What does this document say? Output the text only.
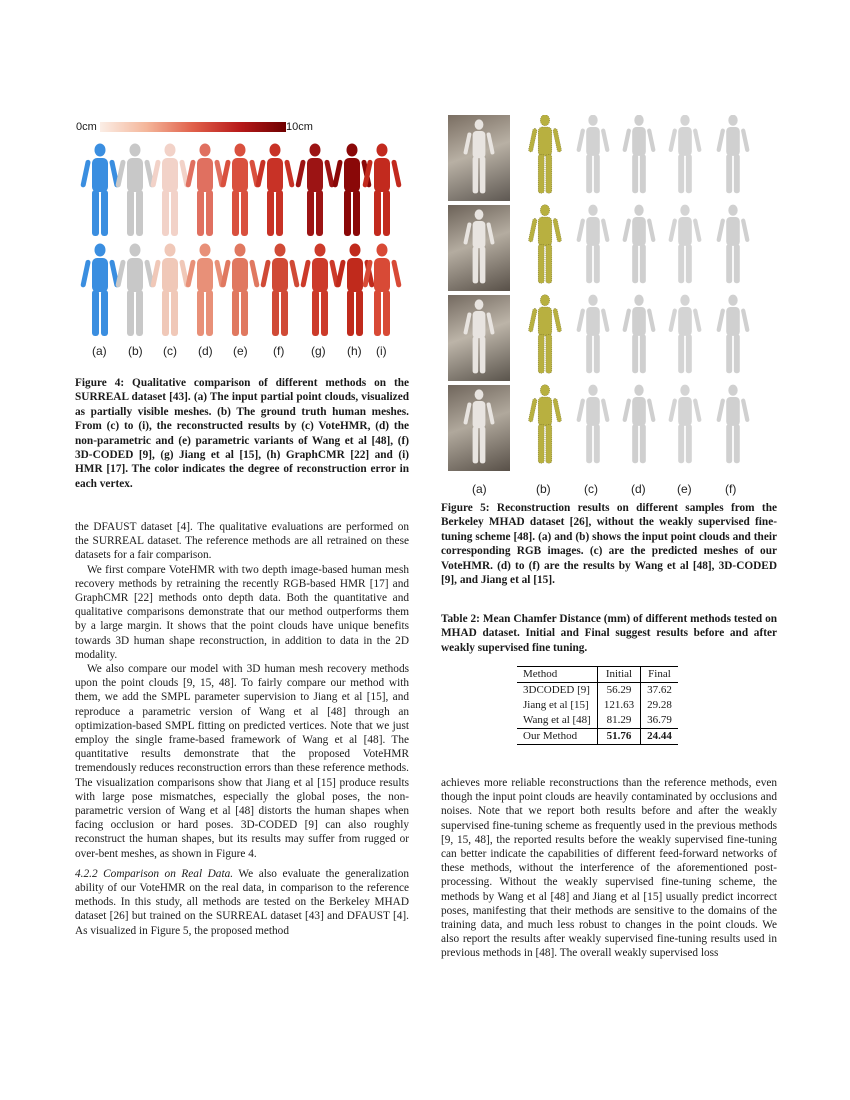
0cm	10cm
(a) (b) (c) (d) (e) (f) (g) (h) (i)
Figure 4: Qualitative comparison of different methods on the SURREAL dataset [43]. (a) The input partial point clouds, visualized as partially visible meshes. (b) The ground truth human meshes. From (c) to (i), the reconstructed results by (c) VoteHMR, (d) the non-parametric and (e) parametric variants of Wang et al [48], (f) 3D-CODED [9], (g) Jiang et al [15], (h) GraphCMR [22] and (i) HMR [17]. The color indicates the degree of reconstruction error in each vertex.

the DFAUST dataset [4]. The qualitative evaluations are performed on the SURREAL dataset. The reference methods are all retrained on these datasets for a fair comparison.

We first compare VoteHMR with two depth image-based human mesh recovery methods by retraining the recently RGB-based HMR [17] and GraphCMR [22] methods onto depth data. Both the quantitative and qualitative comparisons demonstrate that our method outperforms them by a large margin. It shows that the point clouds have unique benefits towards 3D human shape reconstruction, in addition to data in the 2D modality.

We also compare our model with 3D human mesh recovery methods upon the point clouds [9, 15, 48]. To fairly compare our method with them, we add the SMPL parameter supervision to Jiang et al [15], and reproduce a parametric version of Wang et al [48] through an optimization-based SMPL fitting on predicted vertices. Note that we just employ the single frame-based framework of Wang et al [48]. The quantitative results demonstrate that the proposed VoteHMR tremendously reduces reconstruction errors than these reference methods. The visualization comparisons show that Jiang et al [15] produce results with large pose mismatches, especially the global poses, the non-parametric version of Wang et al [48] distorts the human shapes when facing occlusion or hard poses. 3D-CODED [9] can also roughly reconstruct the human shapes, but its results may suffer from rugged or over-bent meshes, as shown in Figure 4.

4.2.2 Comparison on Real Data. We also evaluate the generalization ability of our VoteHMR on the real data, in comparison to the reference methods. In this study, all methods are tested on the Berkeley MHAD dataset [26] but trained on the SURREAL dataset [43] and DFAUST [4]. As visualized in Figure 5, the proposed method

(a)	(b)	(c)	(d)	(e)	(f)
Figure 5: Reconstruction results on different samples from the Berkeley MHAD dataset [26], without the weakly supervised fine-tuning scheme [48]. (a) and (b) shows the input point clouds and their corresponding RGB images. (c) are the predicted meshes of our VoteHMR. (d) to (f) are the results by Wang et al [48], 3D-CODED [9], and Jiang et al [15].
Table 2: Mean Chamfer Distance (mm) of different methods tested on MHAD dataset. Initial and Final suggest results before and after weakly supervised fine tuning.
Method	Initial	Final
3DCODED [9]	56.29	37.62
Jiang et al [15]	121.63	29.28
Wang et al [48]	81.29	36.79
Our Method	51.76	24.44

achieves more reliable reconstructions than the reference methods, even though the input point clouds are heavily contaminated by occlusions and noises. Note that we report both results before and after the weakly supervised fine-tuning scheme as frequently used in the previous methods [9, 15, 48], the reported results before the weakly supervised fine-tuning can better indicate the capabilities of different feed-forward networks of these methods, without the interference of the aforementioned post-processing. Without the weakly supervised fine-tuning scheme, the methods by Wang et al [48] and Jiang et al [15] usually predict incorrect poses, manifesting that their methods are sensitive to the domains of the training data, and much less robust to changes in the point clouds. We also report the results after weakly supervised fine-tuning results used in previous methods in [48]. The overall weakly supervised loss
